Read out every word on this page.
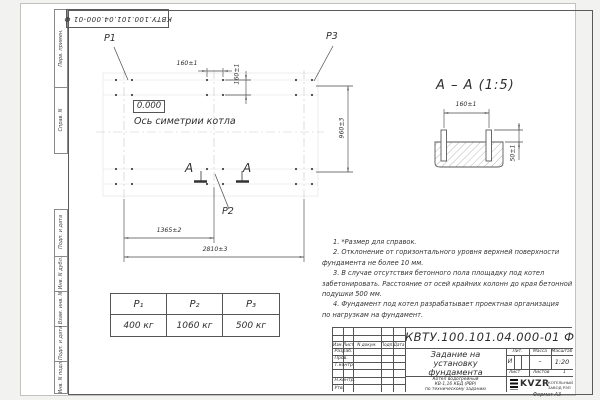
Перв. примен.
Справ. N
Подп. и дата
Инв. N дубл.
Взам. инв. N
Подп. и дата
Инв. N подл.
КВТУ.100.101.04.000-01 Ф
P1	P3
P2
0.000
Ось симетрии котла
А	А
160±1
160±1
960±3
1365±2
2810±3
А – А (1:5)
160±1
50±1
1. *Размер для справок.
2. Отклонение от горизонтального уровня верхней поверхности
фундамента не более 10 мм.
3. В случае отсутствия бетонного пола площадку под котел
забетонировать. Расстояние от осей крайних колонн до края бетонной
подушки 500 мм.
4. Фундамент под котел разрабатывает проектная организация
по нагрузкам на фундамент.
P₁	P₂	P₃
400 кг	1060 кг	500 кг
КВТУ.100.101.04.000-01 Ф
Изм. Лист N докум.	Подп. Дата
Разраб.
Пров.
Т.контр.
Н.контр.
Утв.
Задание на
установку
фундамента
Котел водогрейный
КВ-1,16 КБД (РВР)
по техническому заданию
Лит.	Масса	Масштаб
И	–	1:20
Лист	Листов	1
KVZR
КОТЕЛЬНЫЙ
ЗАВОД РЭП
Формат А3
